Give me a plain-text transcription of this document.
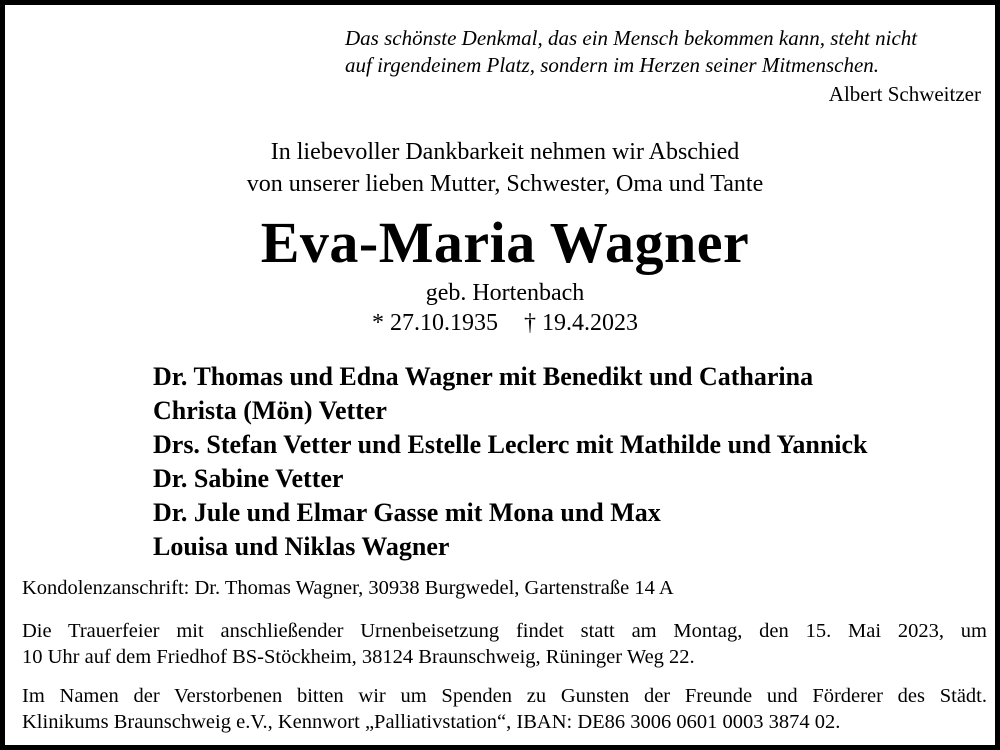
Das schönste Denkmal, das ein Mensch bekommen kann, steht nicht
auf irgendeinem Platz, sondern im Herzen seiner Mitmenschen.
Albert Schweitzer
In liebevoller Dankbarkeit nehmen wir Abschied
von unserer lieben Mutter, Schwester, Oma und Tante
Eva-Maria Wagner
geb. Hortenbach
* 27.10.1935 † 19.4.2023
Dr. Thomas und Edna Wagner mit Benedikt und Catharina
Christa (Mön) Vetter
Drs. Stefan Vetter und Estelle Leclerc mit Mathilde und Yannick
Dr. Sabine Vetter
Dr. Jule und Elmar Gasse mit Mona und Max
Louisa und Niklas Wagner
Kondolenzanschrift: Dr. Thomas Wagner, 30938 Burgwedel, Gartenstraße 14 A
Die Trauerfeier mit anschließender Urnenbeisetzung findet statt am Montag, den 15. Mai 2023, um
10 Uhr auf dem Friedhof BS-Stöckheim, 38124 Braunschweig, Rüninger Weg 22.
Im Namen der Verstorbenen bitten wir um Spenden zu Gunsten der Freunde und Förderer des Städt.
Klinikums Braunschweig e.V., Kennwort „Palliativstation“, IBAN: DE86 3006 0601 0003 3874 02.
